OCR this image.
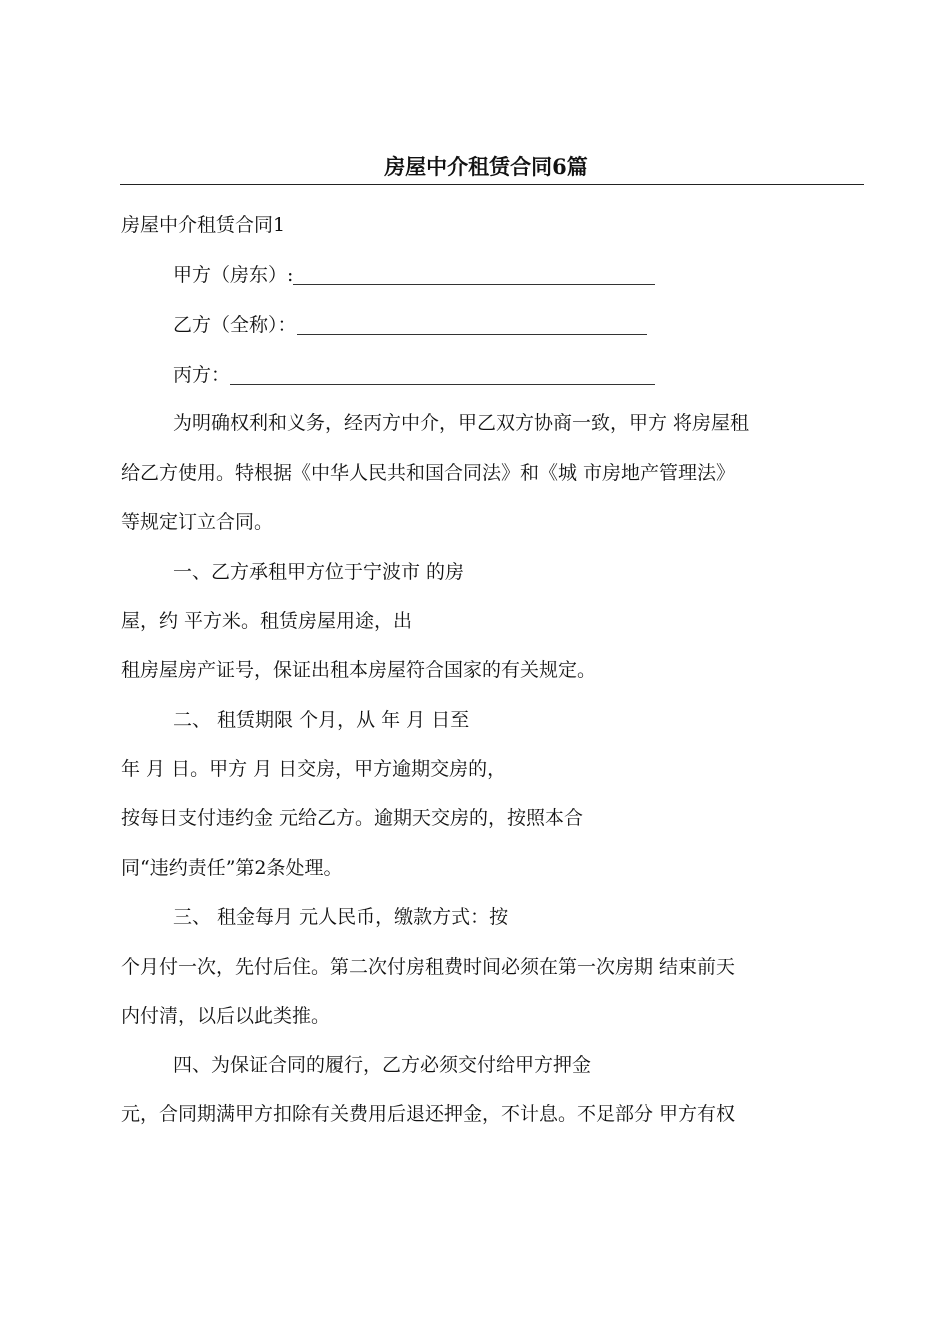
房屋中介租赁合同6篇
房屋中介租赁合同1
甲方（房东）:
乙方（全称）：
丙方：
为明确权利和义务，经丙方中介，甲乙双方协商一致，甲方 将房屋租
给乙方使用。特根据《中华人民共和国合同法》和《城 市房地产管理法》
等规定订立合同。
一、乙方承租甲方位于宁波市 的房
屋，约 平方米。租赁房屋用途，出
租房屋房产证号，保证出租本房屋符合国家的有关规定。
二、 租赁期限 个月，从 年 月 日至
年 月 日。甲方 月 日交房，甲方逾期交房的，
按每日支付违约金 元给乙方。逾期天交房的，按照本合
同“违约责任”第2条处理。
三、 租金每月 元人民币，缴款方式：按
个月付一次，先付后住。第二次付房租费时间必须在第一次房期 结束前天
内付清，以后以此类推。
四、为保证合同的履行，乙方必须交付给甲方押金
元，合同期满甲方扣除有关费用后退还押金，不计息。不足部分 甲方有权
